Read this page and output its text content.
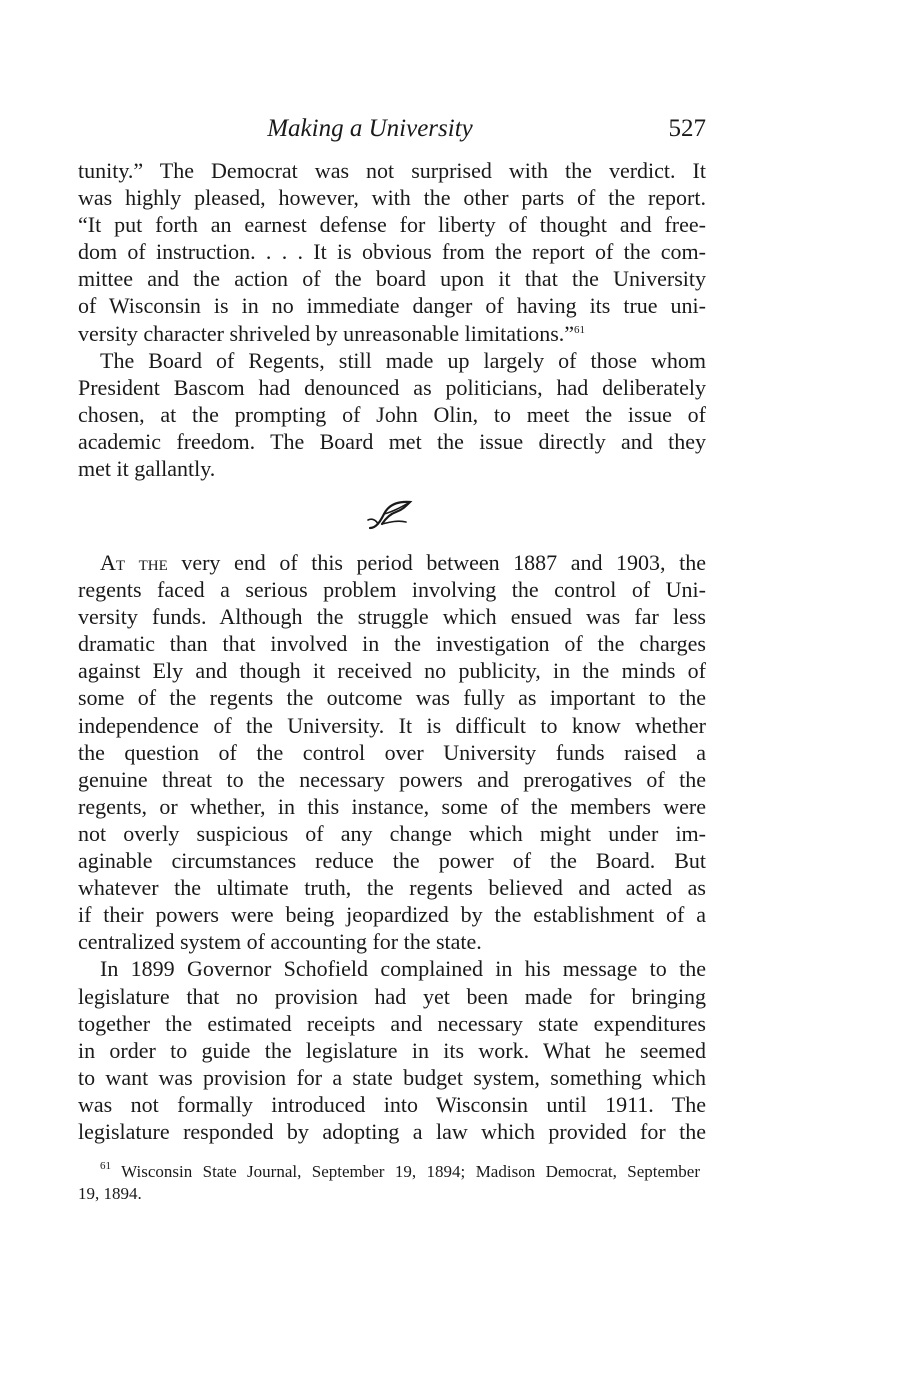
Making a University	527
tunity.” The Democrat was not surprised with the verdict. It
was highly pleased, however, with the other parts of the report.
“It put forth an earnest defense for liberty of thought and free-
dom of instruction. . . . It is obvious from the report of the com-
mittee and the action of the board upon it that the University
of Wisconsin is in no immediate danger of having its true uni-
versity character shriveled by unreasonable limitations.”$^{61}$
The Board of Regents, still made up largely of those whom
President Bascom had denounced as politicians, had deliberately
chosen, at the prompting of John Olin, to meet the issue of
academic freedom. The Board met the issue directly and they
met it gallantly.
At the very end of this period between 1887 and 1903, the
regents faced a serious problem involving the control of Uni-
versity funds. Although the struggle which ensued was far less
dramatic than that involved in the investigation of the charges
against Ely and though it received no publicity, in the minds of
some of the regents the outcome was fully as important to the
independence of the University. It is difficult to know whether
the question of the control over University funds raised a
genuine threat to the necessary powers and prerogatives of the
regents, or whether, in this instance, some of the members were
not overly suspicious of any change which might under im-
aginable circumstances reduce the power of the Board. But
whatever the ultimate truth, the regents believed and acted as
if their powers were being jeopardized by the establishment of a
centralized system of accounting for the state.
In 1899 Governor Schofield complained in his message to the
legislature that no provision had yet been made for bringing
together the estimated receipts and necessary state expenditures
in order to guide the legislature in its work. What he seemed
to want was provision for a state budget system, something which
was not formally introduced into Wisconsin until 1911. The
legislature responded by adopting a law which provided for the
$^{61}$ Wisconsin State Journal, September 19, 1894; Madison Democrat, September
19, 1894.
